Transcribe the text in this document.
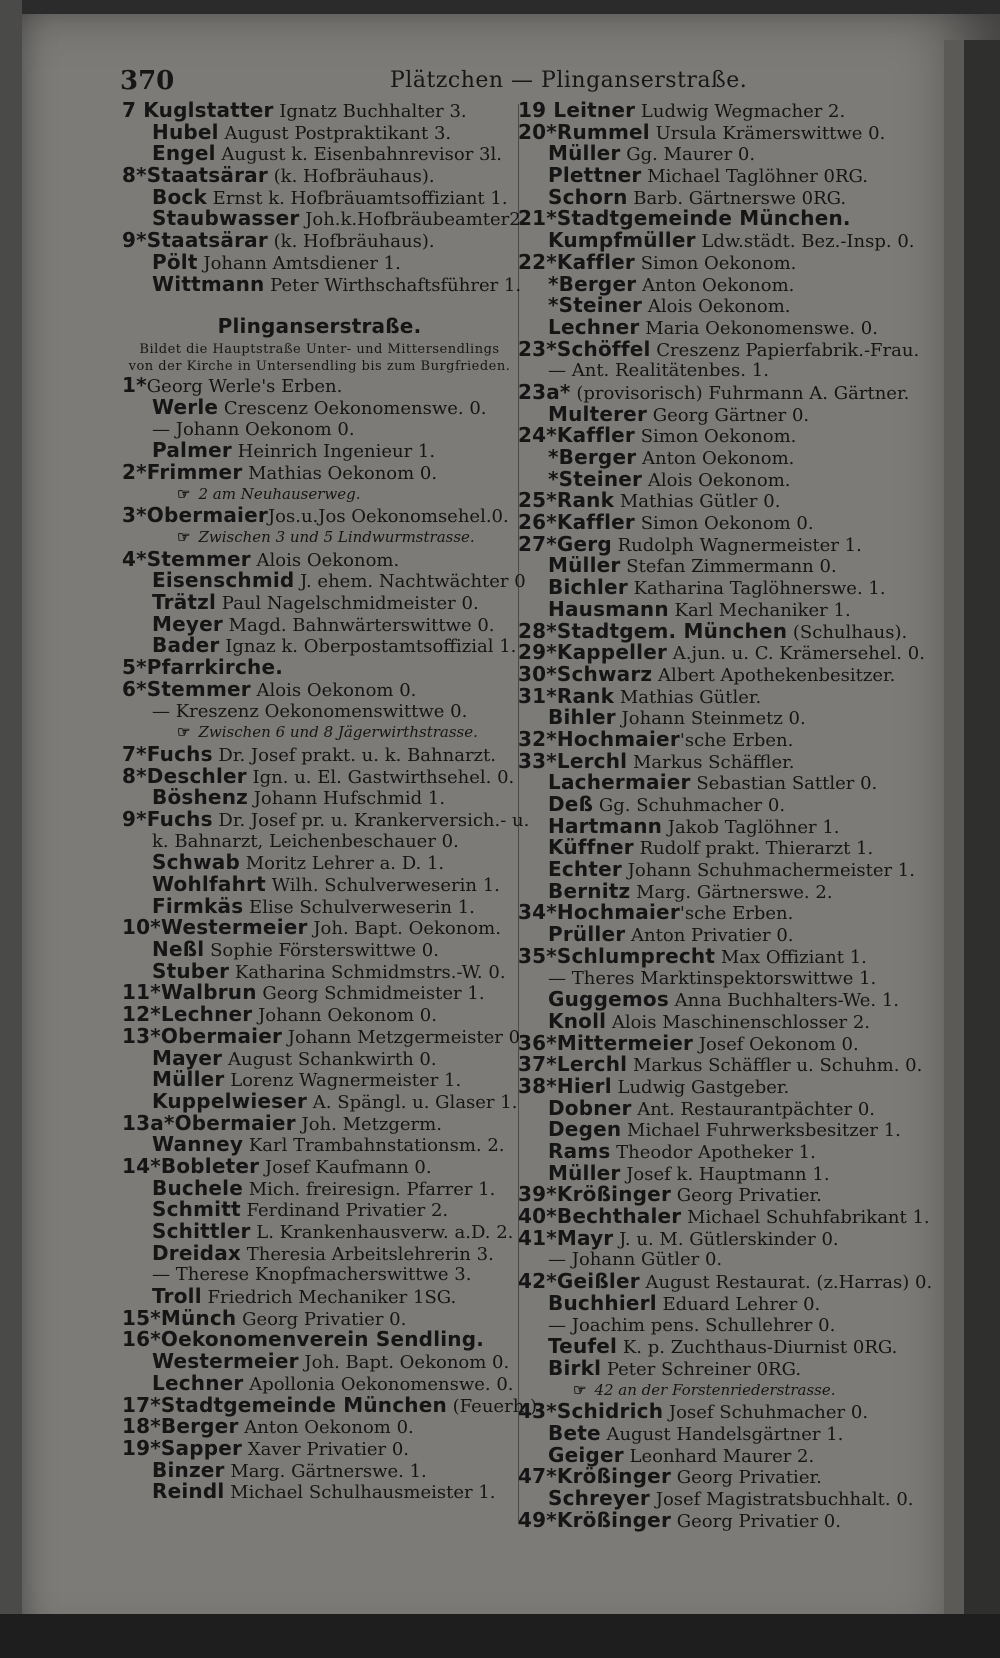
370	Plätzchen — Plinganserstraße.
7 Kuglstatter Ignatz Buchhalter 3.
Hubel August Postpraktikant 3.
Engel August k. Eisenbahnrevisor 3l.
8*Staatsärar (k. Hofbräuhaus).
Bock Ernst k. Hofbräuamtsoffiziant 1.
Staubwasser Joh.k.Hofbräubeamter2.
9*Staatsärar (k. Hofbräuhaus).
Pölt Johann Amtsdiener 1.
Wittmann Peter Wirthschaftsführer 1.
Plinganserstraße.
Bildet die Hauptstraße Unter- und Mittersendlings
von der Kirche in Untersendling bis zum Burgfrieden.
1*Georg Werle's Erben.
Werle Crescenz Oekonomenswe. 0.
— Johann Oekonom 0.
Palmer Heinrich Ingenieur 1.
2*Frimmer Mathias Oekonom 0.
☞ 2 am Neuhauserweg.
3*ObermaierJos.u.Jos Oekonomsehel.0.
☞ Zwischen 3 und 5 Lindwurmstrasse.
4*Stemmer Alois Oekonom.
Eisenschmid J. ehem. Nachtwächter 0
Trätzl Paul Nagelschmidmeister 0.
Meyer Magd. Bahnwärterswittwe 0.
Bader Ignaz k. Oberpostamtsoffizial 1.
5*Pfarrkirche.
6*Stemmer Alois Oekonom 0.
— Kreszenz Oekonomenswittwe 0.
☞ Zwischen 6 und 8 Jägerwirthstrasse.
7*Fuchs Dr. Josef prakt. u. k. Bahnarzt.
8*Deschler Ign. u. El. Gastwirthsehel. 0.
Böshenz Johann Hufschmid 1.
9*Fuchs Dr. Josef pr. u. Krankerversich.- u.
k. Bahnarzt, Leichenbeschauer 0.
Schwab Moritz Lehrer a. D. 1.
Wohlfahrt Wilh. Schulverweserin 1.
Firmkäs Elise Schulverweserin 1.
10*Westermeier Joh. Bapt. Oekonom.
Neßl Sophie Försterswittwe 0.
Stuber Katharina Schmidmstrs.-W. 0.
11*Walbrun Georg Schmidmeister 1.
12*Lechner Johann Oekonom 0.
13*Obermaier Johann Metzgermeister 0.
Mayer August Schankwirth 0.
Müller Lorenz Wagnermeister 1.
Kuppelwieser A. Spängl. u. Glaser 1.
13a*Obermaier Joh. Metzgerm.
Wanney Karl Trambahnstationsm. 2.
14*Bobleter Josef Kaufmann 0.
Buchele Mich. freiresign. Pfarrer 1.
Schmitt Ferdinand Privatier 2.
Schittler L. Krankenhausverw. a.D. 2.
Dreidax Theresia Arbeitslehrerin 3.
— Therese Knopfmacherswittwe 3.
Troll Friedrich Mechaniker 1SG.
15*Münch Georg Privatier 0.
16*Oekonomenverein Sendling.
Westermeier Joh. Bapt. Oekonom 0.
Lechner Apollonia Oekonomenswe. 0.
17*Stadtgemeinde München (Feuerh.)
18*Berger Anton Oekonom 0.
19*Sapper Xaver Privatier 0.
Binzer Marg. Gärtnerswe. 1.
Reindl Michael Schulhausmeister 1.
19 Leitner Ludwig Wegmacher 2.
20*Rummel Ursula Krämerswittwe 0.
Müller Gg. Maurer 0.
Plettner Michael Taglöhner 0RG.
Schorn Barb. Gärtnerswe 0RG.
21*Stadtgemeinde München.
Kumpfmüller Ldw.städt. Bez.-Insp. 0.
22*Kaffler Simon Oekonom.
*Berger Anton Oekonom.
*Steiner Alois Oekonom.
Lechner Maria Oekonomenswe. 0.
23*Schöffel Creszenz Papierfabrik.-Frau.
— Ant. Realitätenbes. 1.
23a* (provisorisch) Fuhrmann A. Gärtner.
Multerer Georg Gärtner 0.
24*Kaffler Simon Oekonom.
*Berger Anton Oekonom.
*Steiner Alois Oekonom.
25*Rank Mathias Gütler 0.
26*Kaffler Simon Oekonom 0.
27*Gerg Rudolph Wagnermeister 1.
Müller Stefan Zimmermann 0.
Bichler Katharina Taglöhnerswe. 1.
Hausmann Karl Mechaniker 1.
28*Stadtgem. München (Schulhaus).
29*Kappeller A.jun. u. C. Krämersehel. 0.
30*Schwarz Albert Apothekenbesitzer.
31*Rank Mathias Gütler.
Bihler Johann Steinmetz 0.
32*Hochmaier'sche Erben.
33*Lerchl Markus Schäffler.
Lachermaier Sebastian Sattler 0.
Deß Gg. Schuhmacher 0.
Hartmann Jakob Taglöhner 1.
Küffner Rudolf prakt. Thierarzt 1.
Echter Johann Schuhmachermeister 1.
Bernitz Marg. Gärtnerswe. 2.
34*Hochmaier'sche Erben.
Prüller Anton Privatier 0.
35*Schlumprecht Max Offiziant 1.
— Theres Marktinspektorswittwe 1.
Guggemos Anna Buchhalters-We. 1.
Knoll Alois Maschinenschlosser 2.
36*Mittermeier Josef Oekonom 0.
37*Lerchl Markus Schäffler u. Schuhm. 0.
38*Hierl Ludwig Gastgeber.
Dobner Ant. Restaurantpächter 0.
Degen Michael Fuhrwerksbesitzer 1.
Rams Theodor Apotheker 1.
Müller Josef k. Hauptmann 1.
39*Krößinger Georg Privatier.
40*Bechthaler Michael Schuhfabrikant 1.
41*Mayr J. u. M. Gütlerskinder 0.
— Johann Gütler 0.
42*Geißler August Restaurat. (z.Harras) 0.
Buchhierl Eduard Lehrer 0.
— Joachim pens. Schullehrer 0.
Teufel K. p. Zuchthaus-Diurnist 0RG.
Birkl Peter Schreiner 0RG.
☞ 42 an der Forstenriederstrasse.
43*Schidrich Josef Schuhmacher 0.
Bete August Handelsgärtner 1.
Geiger Leonhard Maurer 2.
47*Krößinger Georg Privatier.
Schreyer Josef Magistratsbuchhalt. 0.
49*Krößinger Georg Privatier 0.
